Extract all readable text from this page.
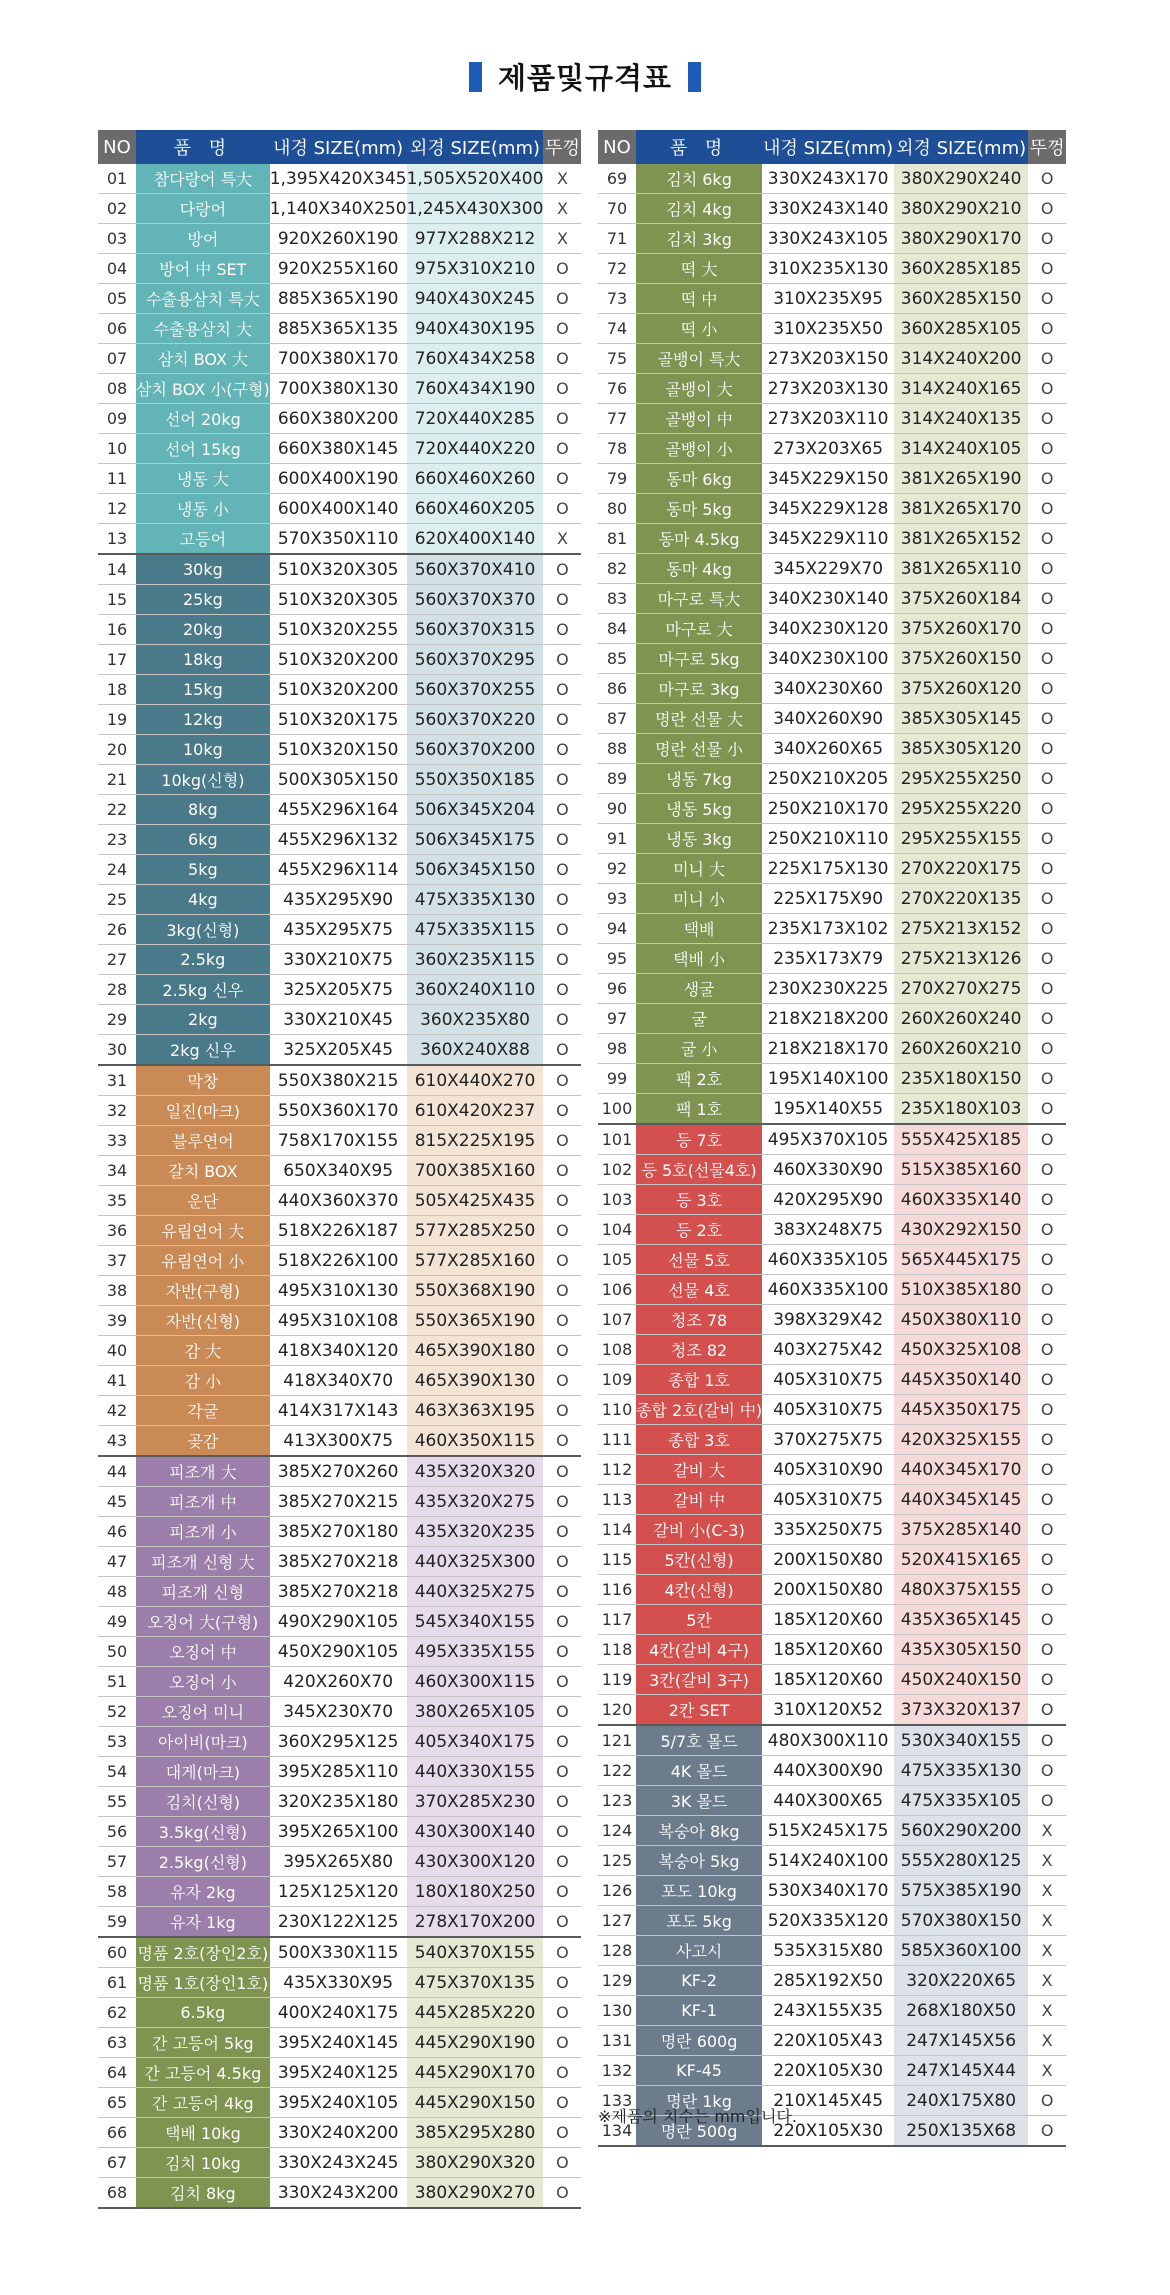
제품및규격표
NO	품 명	내경 SIZE(mm)	외경 SIZE(mm)	뚜껑
01	참다랑어 특大	1,395X420X345	1,505X520X400	X
02	다랑어	1,140X340X250	1,245X430X300	X
03	방어	920X260X190	977X288X212	X
04	방어 中 SET	920X255X160	975X310X210	O
05	수출용삼치 특大	885X365X190	940X430X245	O
06	수출용삼치 大	885X365X135	940X430X195	O
07	삼치 BOX 大	700X380X170	760X434X258	O
08	삼치 BOX 小(구형)	700X380X130	760X434X190	O
09	선어 20kg	660X380X200	720X440X285	O
10	선어 15kg	660X380X145	720X440X220	O
11	냉동 大	600X400X190	660X460X260	O
12	냉동 小	600X400X140	660X460X205	O
13	고등어	570X350X110	620X400X140	X
14	30kg	510X320X305	560X370X410	O
15	25kg	510X320X305	560X370X370	O
16	20kg	510X320X255	560X370X315	O
17	18kg	510X320X200	560X370X295	O
18	15kg	510X320X200	560X370X255	O
19	12kg	510X320X175	560X370X220	O
20	10kg	510X320X150	560X370X200	O
21	10kg(신형)	500X305X150	550X350X185	O
22	8kg	455X296X164	506X345X204	O
23	6kg	455X296X132	506X345X175	O
24	5kg	455X296X114	506X345X150	O
25	4kg	435X295X90	475X335X130	O
26	3kg(신형)	435X295X75	475X335X115	O
27	2.5kg	330X210X75	360X235X115	O
28	2.5kg 신우	325X205X75	360X240X110	O
29	2kg	330X210X45	360X235X80	O
30	2kg 신우	325X205X45	360X240X88	O
31	막창	550X380X215	610X440X270	O
32	일진(마크)	550X360X170	610X420X237	O
33	블루연어	758X170X155	815X225X195	O
34	갈치 BOX	650X340X95	700X385X160	O
35	운단	440X360X370	505X425X435	O
36	유림연어 大	518X226X187	577X285X250	O
37	유림연어 小	518X226X100	577X285X160	O
38	자반(구형)	495X310X130	550X368X190	O
39	자반(신형)	495X310X108	550X365X190	O
40	감 大	418X340X120	465X390X180	O
41	감 小	418X340X70	465X390X130	O
42	각굴	414X317X143	463X363X195	O
43	곶감	413X300X75	460X350X115	O
44	피조개 大	385X270X260	435X320X320	O
45	피조개 中	385X270X215	435X320X275	O
46	피조개 小	385X270X180	435X320X235	O
47	피조개 신형 大	385X270X218	440X325X300	O
48	피조개 신형	385X270X218	440X325X275	O
49	오징어 大(구형)	490X290X105	545X340X155	O
50	오징어 中	450X290X105	495X335X155	O
51	오징어 小	420X260X70	460X300X115	O
52	오징어 미니	345X230X70	380X265X105	O
53	아이비(마크)	360X295X125	405X340X175	O
54	대게(마크)	395X285X110	440X330X155	O
55	김치(신형)	320X235X180	370X285X230	O
56	3.5kg(신형)	395X265X100	430X300X140	O
57	2.5kg(신형)	395X265X80	430X300X120	O
58	유자 2kg	125X125X120	180X180X250	O
59	유자 1kg	230X122X125	278X170X200	O
60	명품 2호(장인2호)	500X330X115	540X370X155	O
61	명품 1호(장인1호)	435X330X95	475X370X135	O
62	6.5kg	400X240X175	445X285X220	O
63	간 고등어 5kg	395X240X145	445X290X190	O
64	간 고등어 4.5kg	395X240X125	445X290X170	O
65	간 고등어 4kg	395X240X105	445X290X150	O
66	택배 10kg	330X240X200	385X295X280	O
67	김치 10kg	330X243X245	380X290X320	O
68	김치 8kg	330X243X200	380X290X270	O
NO	품 명	내경 SIZE(mm)	외경 SIZE(mm)	뚜껑
69	김치 6kg	330X243X170	380X290X240	O
70	김치 4kg	330X243X140	380X290X210	O
71	김치 3kg	330X243X105	380X290X170	O
72	떡 大	310X235X130	360X285X185	O
73	떡 中	310X235X95	360X285X150	O
74	떡 小	310X235X50	360X285X105	O
75	골뱅이 특大	273X203X150	314X240X200	O
76	골뱅이 大	273X203X130	314X240X165	O
77	골뱅이 中	273X203X110	314X240X135	O
78	골뱅이 小	273X203X65	314X240X105	O
79	동마 6kg	345X229X150	381X265X190	O
80	동마 5kg	345X229X128	381X265X170	O
81	동마 4.5kg	345X229X110	381X265X152	O
82	동마 4kg	345X229X70	381X265X110	O
83	마구로 특大	340X230X140	375X260X184	O
84	마구로 大	340X230X120	375X260X170	O
85	마구로 5kg	340X230X100	375X260X150	O
86	마구로 3kg	340X230X60	375X260X120	O
87	명란 선물 大	340X260X90	385X305X145	O
88	명란 선물 小	340X260X65	385X305X120	O
89	냉동 7kg	250X210X205	295X255X250	O
90	냉동 5kg	250X210X170	295X255X220	O
91	냉동 3kg	250X210X110	295X255X155	O
92	미니 大	225X175X130	270X220X175	O
93	미니 小	225X175X90	270X220X135	O
94	택배	235X173X102	275X213X152	O
95	택배 小	235X173X79	275X213X126	O
96	생굴	230X230X225	270X270X275	O
97	굴	218X218X200	260X260X240	O
98	굴 小	218X218X170	260X260X210	O
99	팩 2호	195X140X100	235X180X150	O
100	팩 1호	195X140X55	235X180X103	O
101	등 7호	495X370X105	555X425X185	O
102	등 5호(선물4호)	460X330X90	515X385X160	O
103	등 3호	420X295X90	460X335X140	O
104	등 2호	383X248X75	430X292X150	O
105	선물 5호	460X335X105	565X445X175	O
106	선물 4호	460X335X100	510X385X180	O
107	청조 78	398X329X42	450X380X110	O
108	청조 82	403X275X42	450X325X108	O
109	종합 1호	405X310X75	445X350X140	O
110	종합 2호(갈비 中)	405X310X75	445X350X175	O
111	종합 3호	370X275X75	420X325X155	O
112	갈비 大	405X310X90	440X345X170	O
113	갈비 中	405X310X75	440X345X145	O
114	갈비 小(C-3)	335X250X75	375X285X140	O
115	5칸(신형)	200X150X80	520X415X165	O
116	4칸(신형)	200X150X80	480X375X155	O
117	5칸	185X120X60	435X365X145	O
118	4칸(갈비 4구)	185X120X60	435X305X150	O
119	3칸(갈비 3구)	185X120X60	450X240X150	O
120	2칸 SET	310X120X52	373X320X137	O
121	5/7호 몰드	480X300X110	530X340X155	O
122	4K 몰드	440X300X90	475X335X130	O
123	3K 몰드	440X300X65	475X335X105	O
124	복숭아 8kg	515X245X175	560X290X200	X
125	복숭아 5kg	514X240X100	555X280X125	X
126	포도 10kg	530X340X170	575X385X190	X
127	포도 5kg	520X335X120	570X380X150	X
128	사고시	535X315X80	585X360X100	X
129	KF-2	285X192X50	320X220X65	X
130	KF-1	243X155X35	268X180X50	X
131	명란 600g	220X105X43	247X145X56	X
132	KF-45	220X105X30	247X145X44	X
133	명란 1kg	210X145X45	240X175X80	O
134	명란 500g	220X105X30	250X135X68	O
※제품의 치수는 mm입니다.
